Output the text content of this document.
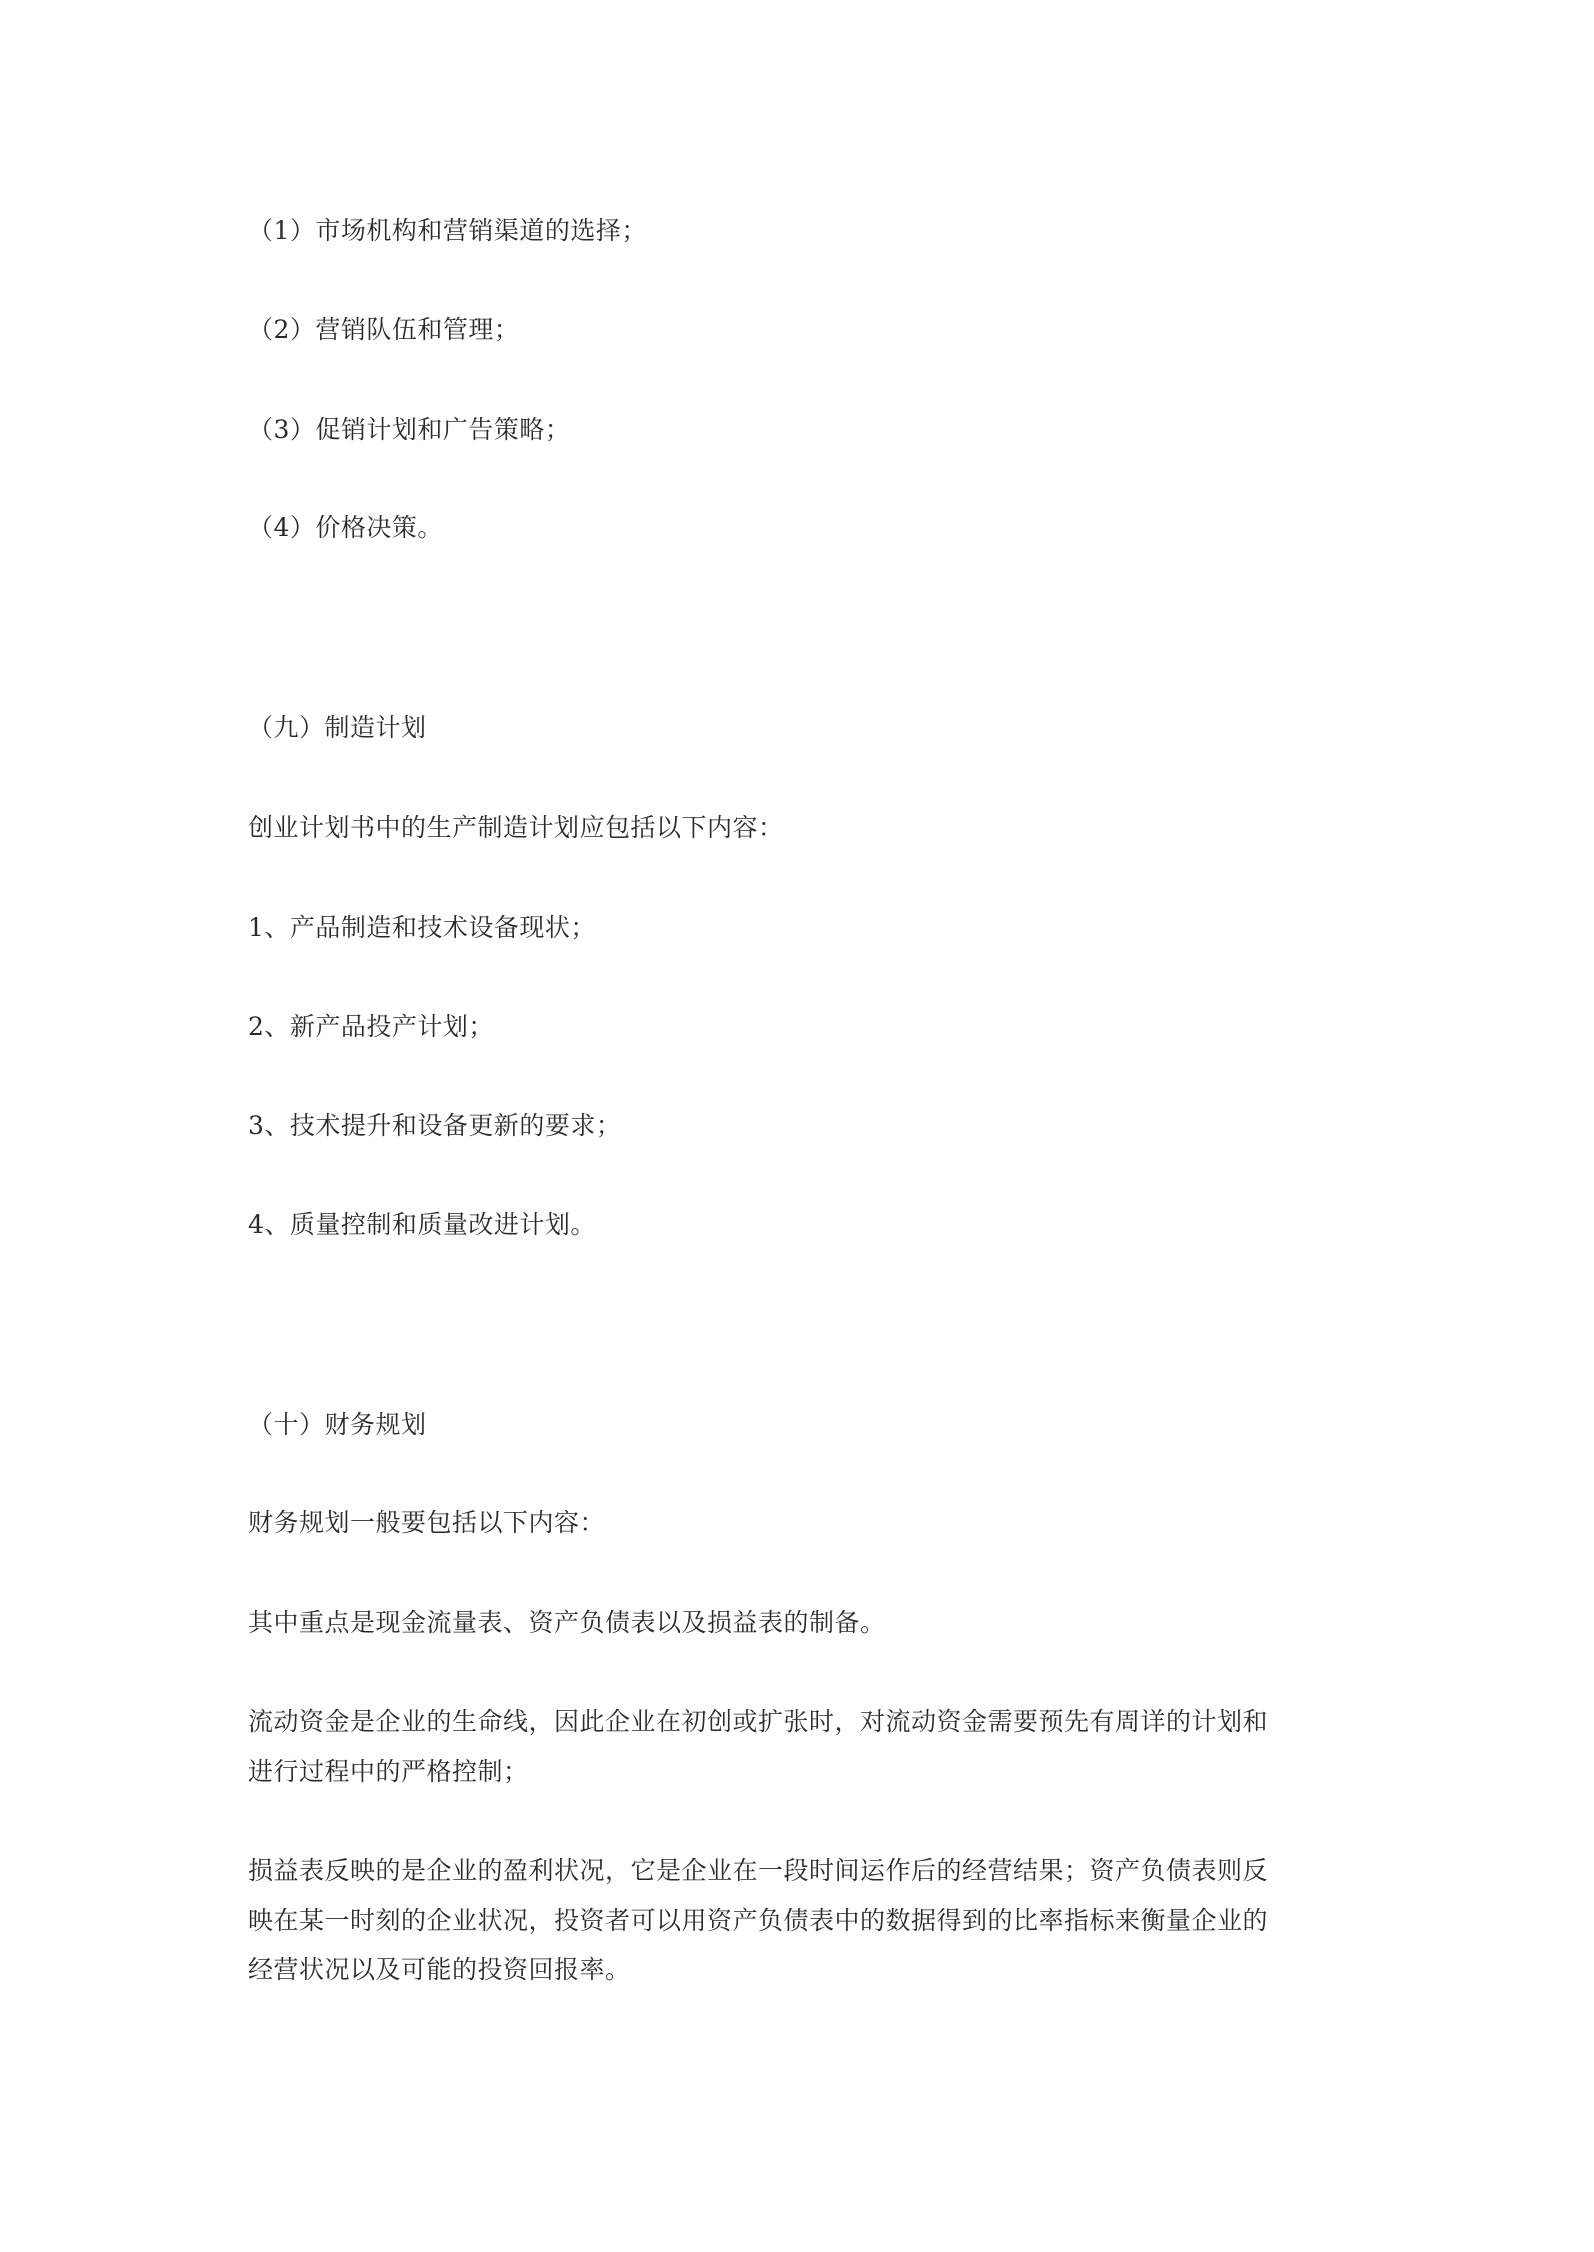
（1）市场机构和营销渠道的选择；
（2）营销队伍和管理；
（3）促销计划和广告策略；
（4）价格决策。
（九）制造计划
创业计划书中的生产制造计划应包括以下内容：
1、产品制造和技术设备现状；
2、新产品投产计划；
3、技术提升和设备更新的要求；
4、质量控制和质量改进计划。
（十）财务规划
财务规划一般要包括以下内容：
其中重点是现金流量表、资产负债表以及损益表的制备。
流动资金是企业的生命线，因此企业在初创或扩张时，对流动资金需要预先有周详的计划和
进行过程中的严格控制；
损益表反映的是企业的盈利状况，它是企业在一段时间运作后的经营结果；资产负债表则反
映在某一时刻的企业状况，投资者可以用资产负债表中的数据得到的比率指标来衡量企业的
经营状况以及可能的投资回报率。
